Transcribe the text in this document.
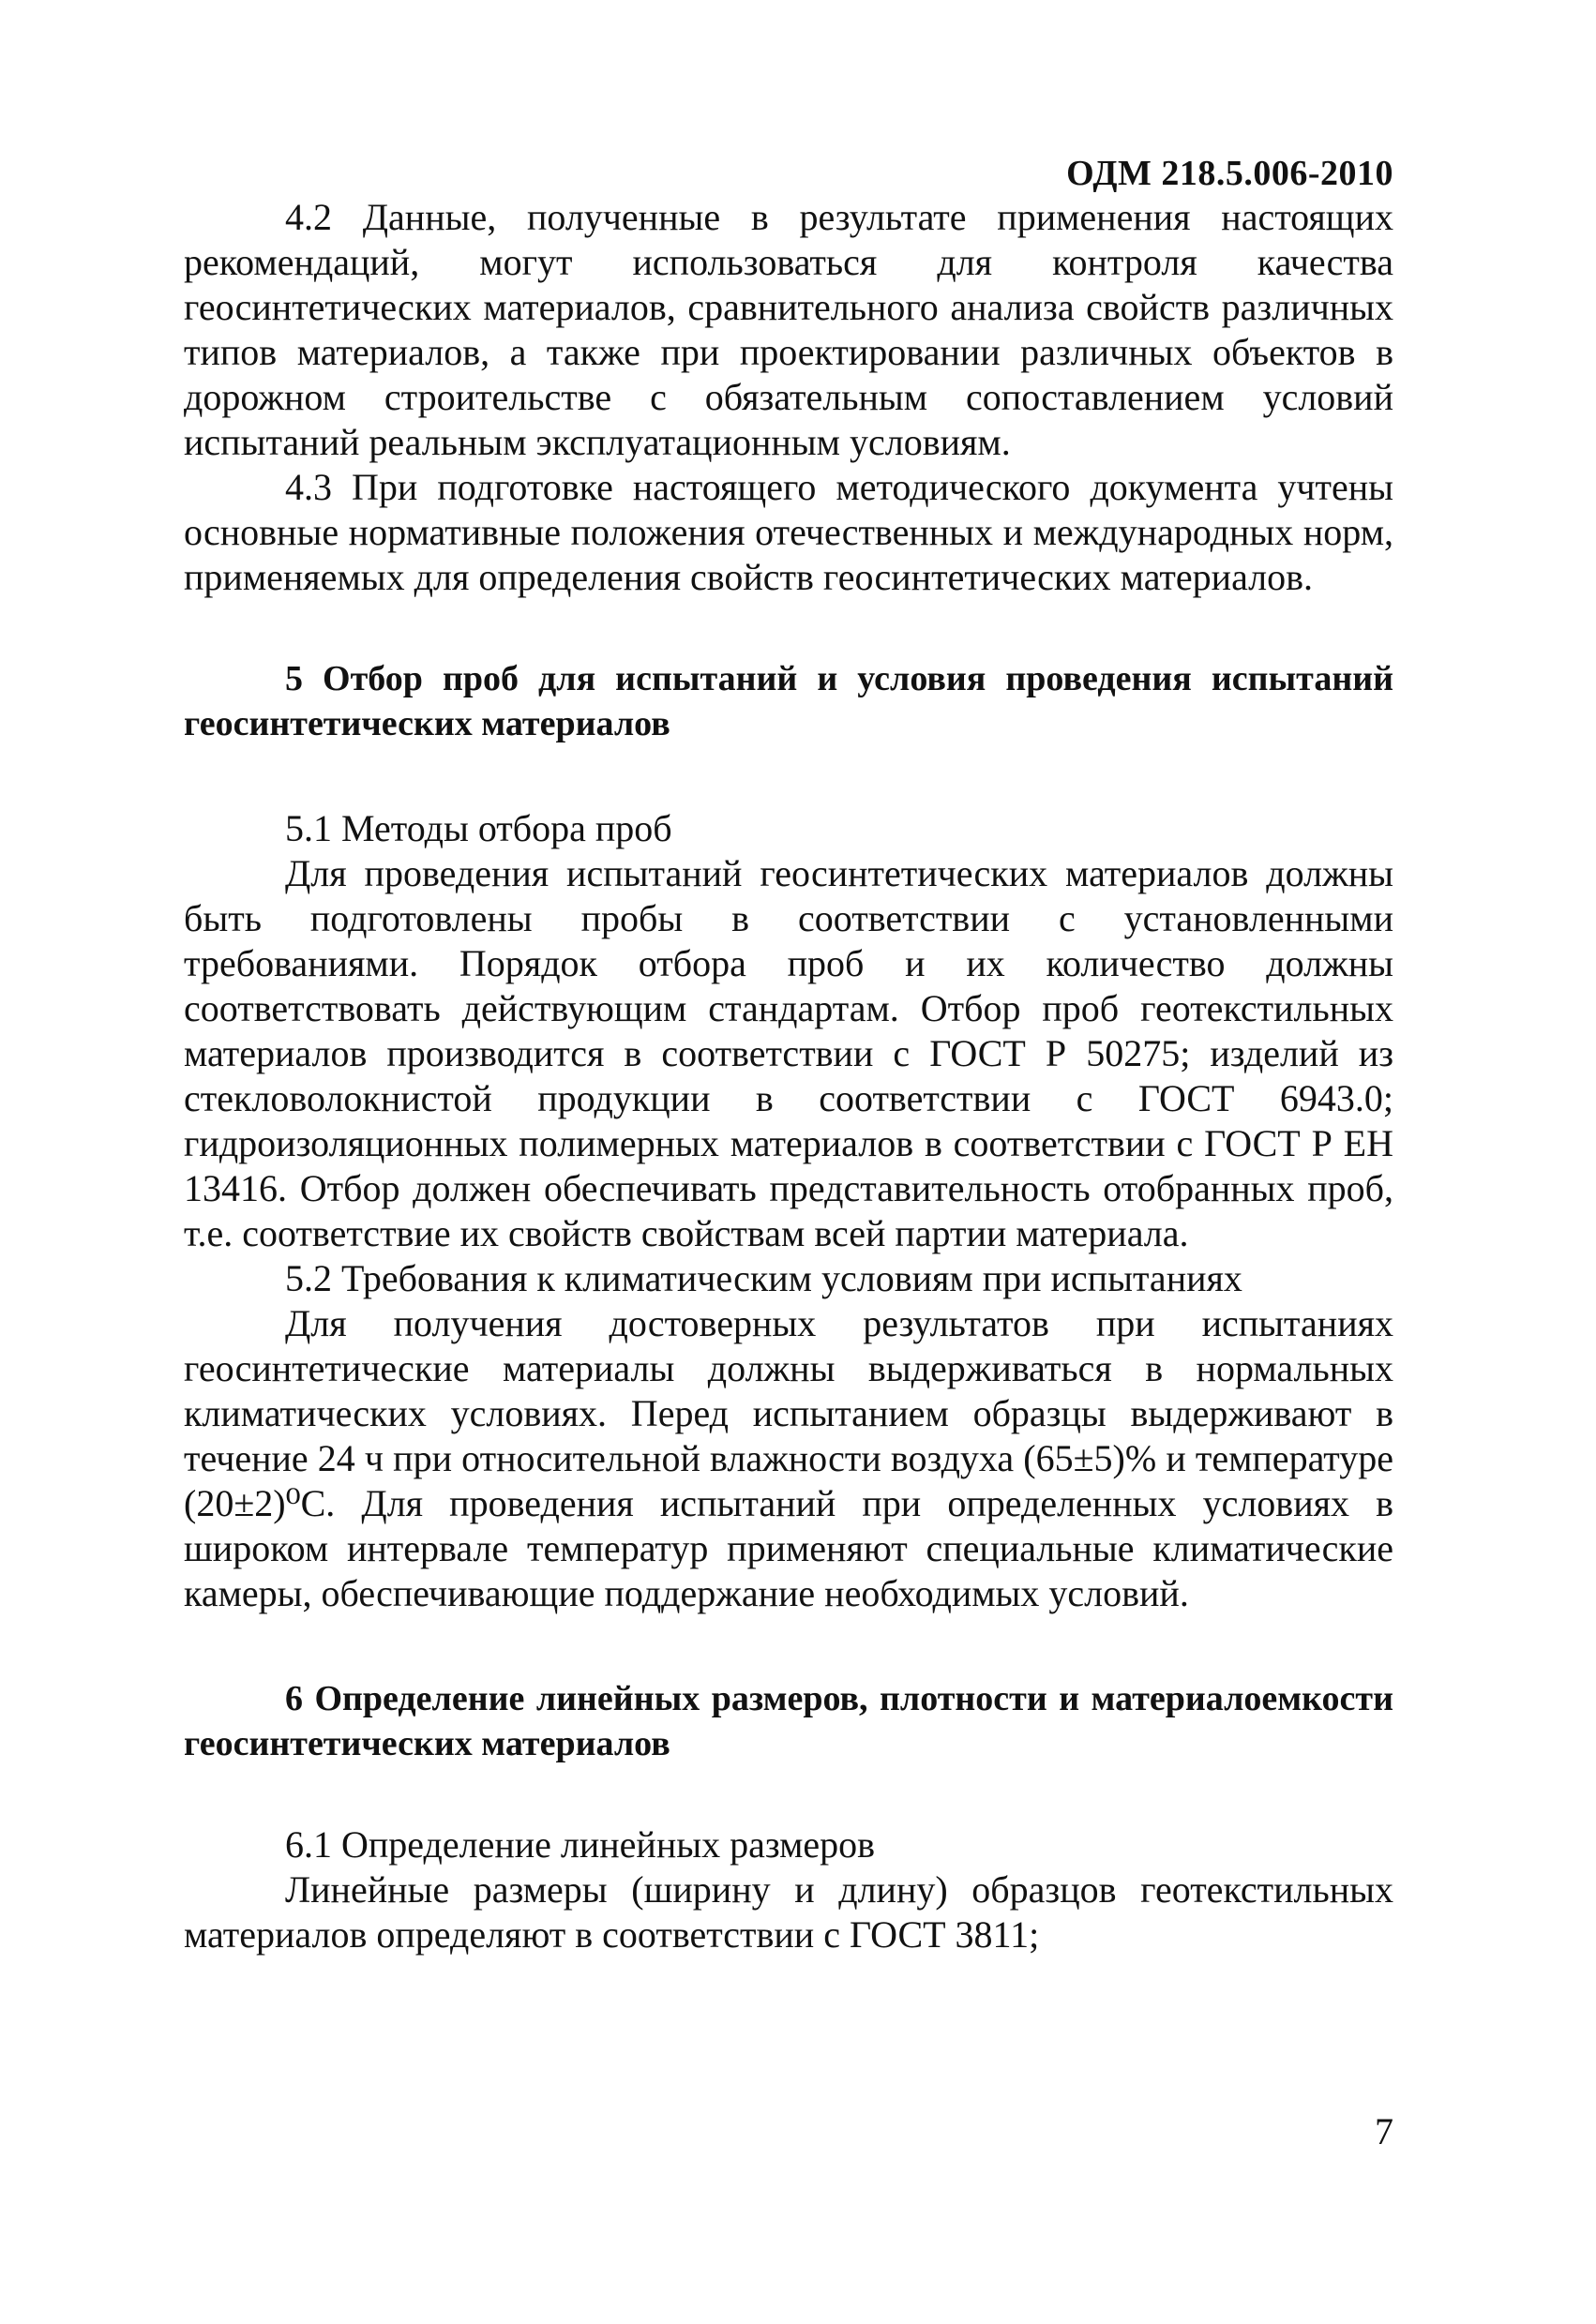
ОДМ 218.5.006-2010

4.2 Данные, полученные в результате применения настоящих рекомендаций, могут использоваться для контроля качества геосинтетических материалов, сравнительного анализа свойств различных типов материалов, а также при проектировании различных объектов в дорожном строительстве с обязательным сопоставлением условий испытаний реальным эксплуатационным условиям.

4.3 При подготовке настоящего методического документа учтены основные нормативные положения отечественных и международных норм, применяемых для определения свойств геосинтетических материалов.

5 Отбор проб для испытаний и условия проведения испытаний геосинтетических материалов

5.1 Методы отбора проб

Для проведения испытаний геосинтетических материалов должны быть подготовлены пробы в соответствии с установленными требованиями. Порядок отбора проб и их количество должны соответствовать действующим стандартам. Отбор проб геотекстильных материалов производится в соответствии с ГОСТ Р 50275; изделий из стекловолокнистой продукции в соответствии с ГОСТ 6943.0; гидроизоляционных полимерных материалов в соответствии с ГОСТ Р ЕН 13416. Отбор должен обеспечивать представительность отобранных проб, т.е. соответствие их свойств свойствам всей партии материала.

5.2 Требования к климатическим условиям при испытаниях

Для получения достоверных результатов при испытаниях геосинтетические материалы должны выдерживаться в нормальных климатических условиях. Перед испытанием образцы выдерживают в течение 24 ч при относительной влажности воздуха (65±5)% и температуре (20±2)⁰С. Для проведения испытаний при определенных условиях в широком интервале температур применяют специальные климатические камеры, обеспечивающие поддержание необходимых условий.

6 Определение линейных размеров, плотности и материалоемкости геосинтетических материалов

6.1 Определение линейных размеров

Линейные размеры (ширину и длину) образцов геотекстильных материалов определяют в соответствии с ГОСТ 3811;

7
